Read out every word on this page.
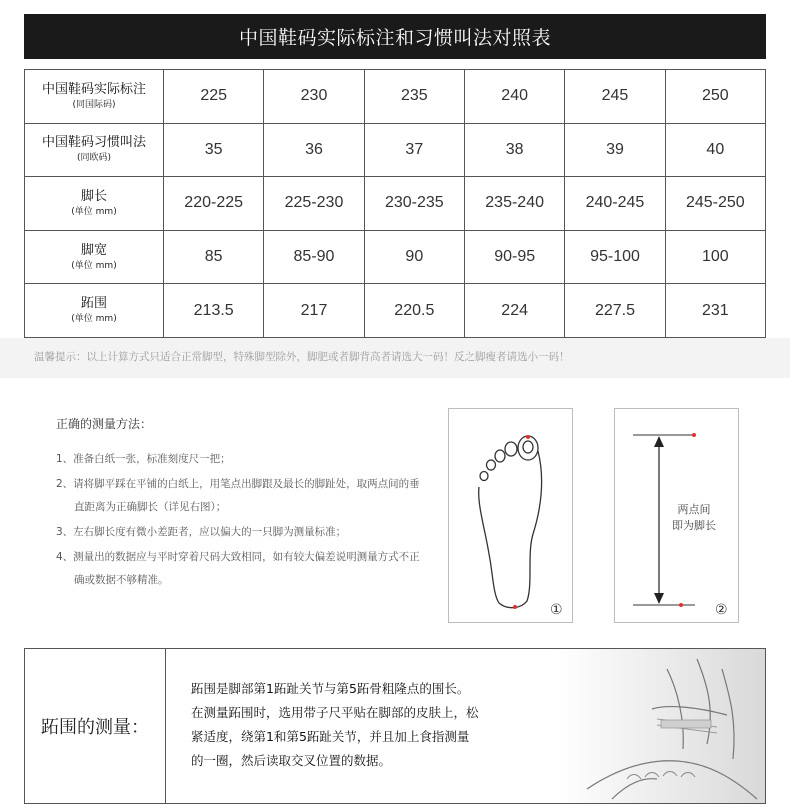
中国鞋码实际标注和习惯叫法对照表
中国鞋码实际标注
(同国际码)	225	230	235	240	245	250

中国鞋码习惯叫法
(同欧码)	35	36	37	38	39	40

脚长
(单位 mm)	220-225	225-230	230-235	235-240	240-245	245-250

脚宽
(单位 mm)	85	85-90	90	90-95	95-100	100

跖围
(单位 mm)	213.5	217	220.5	224	227.5	231
温馨提示：以上计算方式只适合正常脚型，特殊脚型除外，脚肥或者脚背高者请选大一码！反之脚瘦者请选小一码！
正确的测量方法：
1、准备白纸一张，标准刻度尺一把；
2、请将脚平踩在平铺的白纸上，用笔点出脚跟及最长的脚趾处，取两点间的垂直距离为正确脚长（详见右图）；
3、左右脚长度有微小差距者，应以偏大的一只脚为测量标准；
4、测量出的数据应与平时穿着尺码大致相同，如有较大偏差说明测量方式不正确或数据不够精准。
①
两点间
即为脚长
②
跖围的测量：
跖围是脚部第1跖趾关节与第5跖骨粗隆点的围长。
在测量跖围时，选用带子尺平贴在脚部的皮肤上，松
紧适度，绕第1和第5跖趾关节，并且加上食指测量
的一圈，然后读取交叉位置的数据。
